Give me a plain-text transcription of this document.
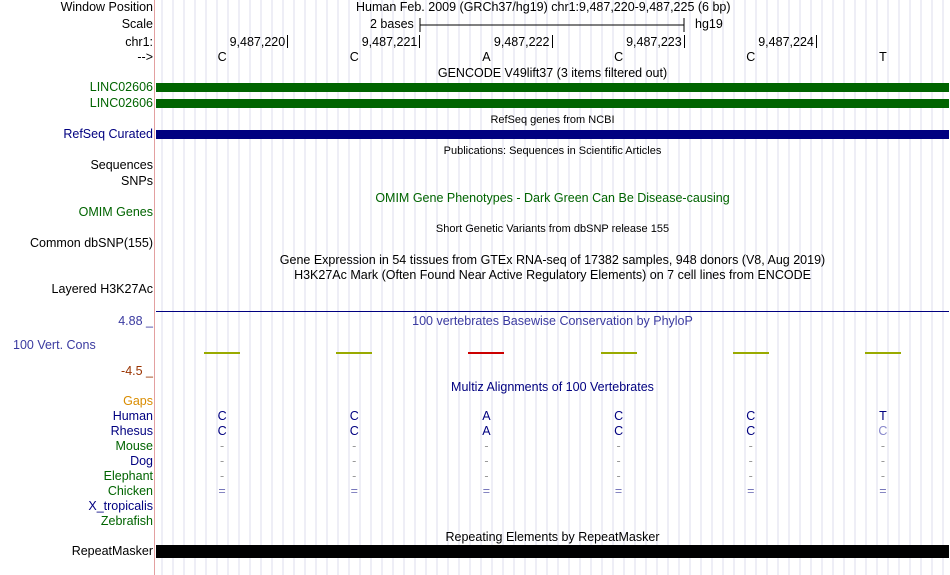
Window Position	Human Feb. 2009 (GRCh37/hg19) chr1:9,487,220-9,487,225 (6 bp)
Scale	2 bases	hg19
chr1:	9,487,220	9,487,221	9,487,222	9,487,223	9,487,224
-->	C	C	A	C	C	T
GENCODE V49lift37 (3 items filtered out)
LINC02606
LINC02606
RefSeq genes from NCBI
RefSeq Curated
Publications: Sequences in Scientific Articles
Sequences
SNPs
OMIM Gene Phenotypes - Dark Green Can Be Disease-causing
OMIM Genes
Short Genetic Variants from dbSNP release 155
Common dbSNP(155)
Gene Expression in 54 tissues from GTEx RNA-seq of 17382 samples, 948 donors (V8, Aug 2019)
H3K27Ac Mark (Often Found Near Active Regulatory Elements) on 7 cell lines from ENCODE
Layered H3K27Ac
4.88 _	100 vertebrates Basewise Conservation by PhyloP
100 Vert. Cons
-4.5 _
Multiz Alignments of 100 Vertebrates
Gaps
Human	C	C	A	C	C	T
Rhesus	C	C	A	C	C	C
Mouse	-	-	-	-	-	-
Dog	-	-	-	-	-	-
Elephant	-	-	-	-	-	-
Chicken	=	=	=	=	=	=
X_tropicalis
Zebrafish
Repeating Elements by RepeatMasker
RepeatMasker
